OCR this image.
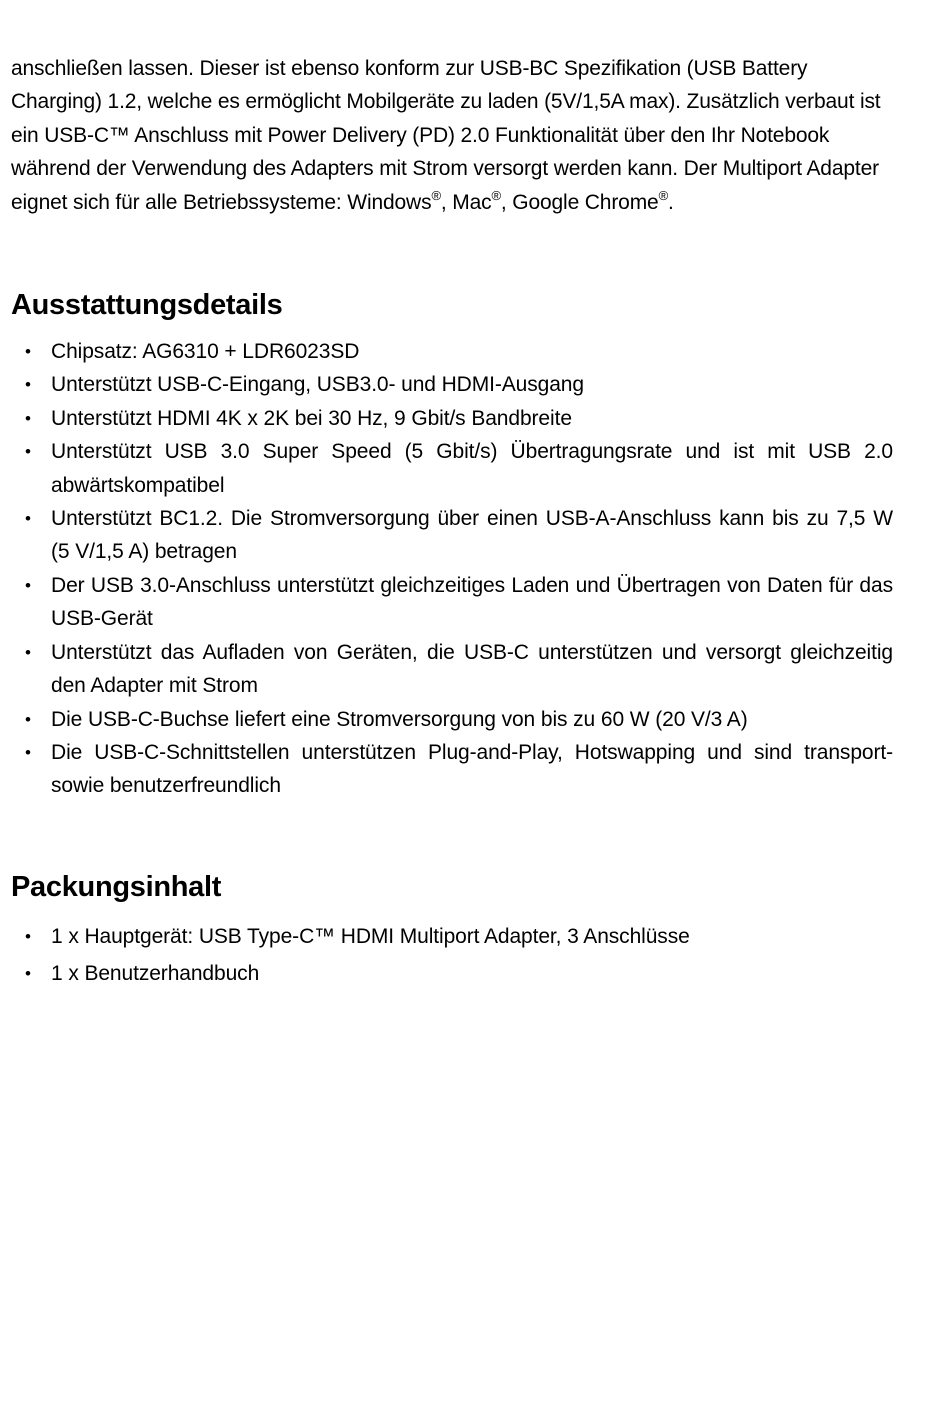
anschließen lassen. Dieser ist ebenso konform zur USB-BC Spezifikation (USB Battery Charging) 1.2, welche es ermöglicht Mobilgeräte zu laden (5V/1,5A max). Zusätzlich verbaut ist ein USB-C™ Anschluss mit Power Delivery (PD) 2.0 Funktionalität über den Ihr Notebook während der Verwendung des Adapters mit Strom versorgt werden kann. Der Multiport Adapter eignet sich für alle Betriebssysteme: Windows®, Mac®, Google Chrome®.

Ausstattungsdetails
• Chipsatz: AG6310 + LDR6023SD
• Unterstützt USB-C-Eingang, USB3.0- und HDMI-Ausgang
• Unterstützt HDMI 4K x 2K bei 30 Hz, 9 Gbit/s Bandbreite
• Unterstützt USB 3.0 Super Speed (5 Gbit/s) Übertragungsrate und ist mit USB 2.0 abwärtskompatibel
• Unterstützt BC1.2. Die Stromversorgung über einen USB-A-Anschluss kann bis zu 7,5 W (5 V/1,5 A) betragen
• Der USB 3.0-Anschluss unterstützt gleichzeitiges Laden und Übertragen von Daten für das USB-Gerät
• Unterstützt das Aufladen von Geräten, die USB-C unterstützen und versorgt gleichzeitig den Adapter mit Strom
• Die USB-C-Buchse liefert eine Stromversorgung von bis zu 60 W (20 V/3 A)
• Die USB-C-Schnittstellen unterstützen Plug-and-Play, Hotswapping und sind transport- sowie benutzerfreundlich
Packungsinhalt
• 1 x Hauptgerät: USB Type-C™ HDMI Multiport Adapter, 3 Anschlüsse
• 1 x Benutzerhandbuch
